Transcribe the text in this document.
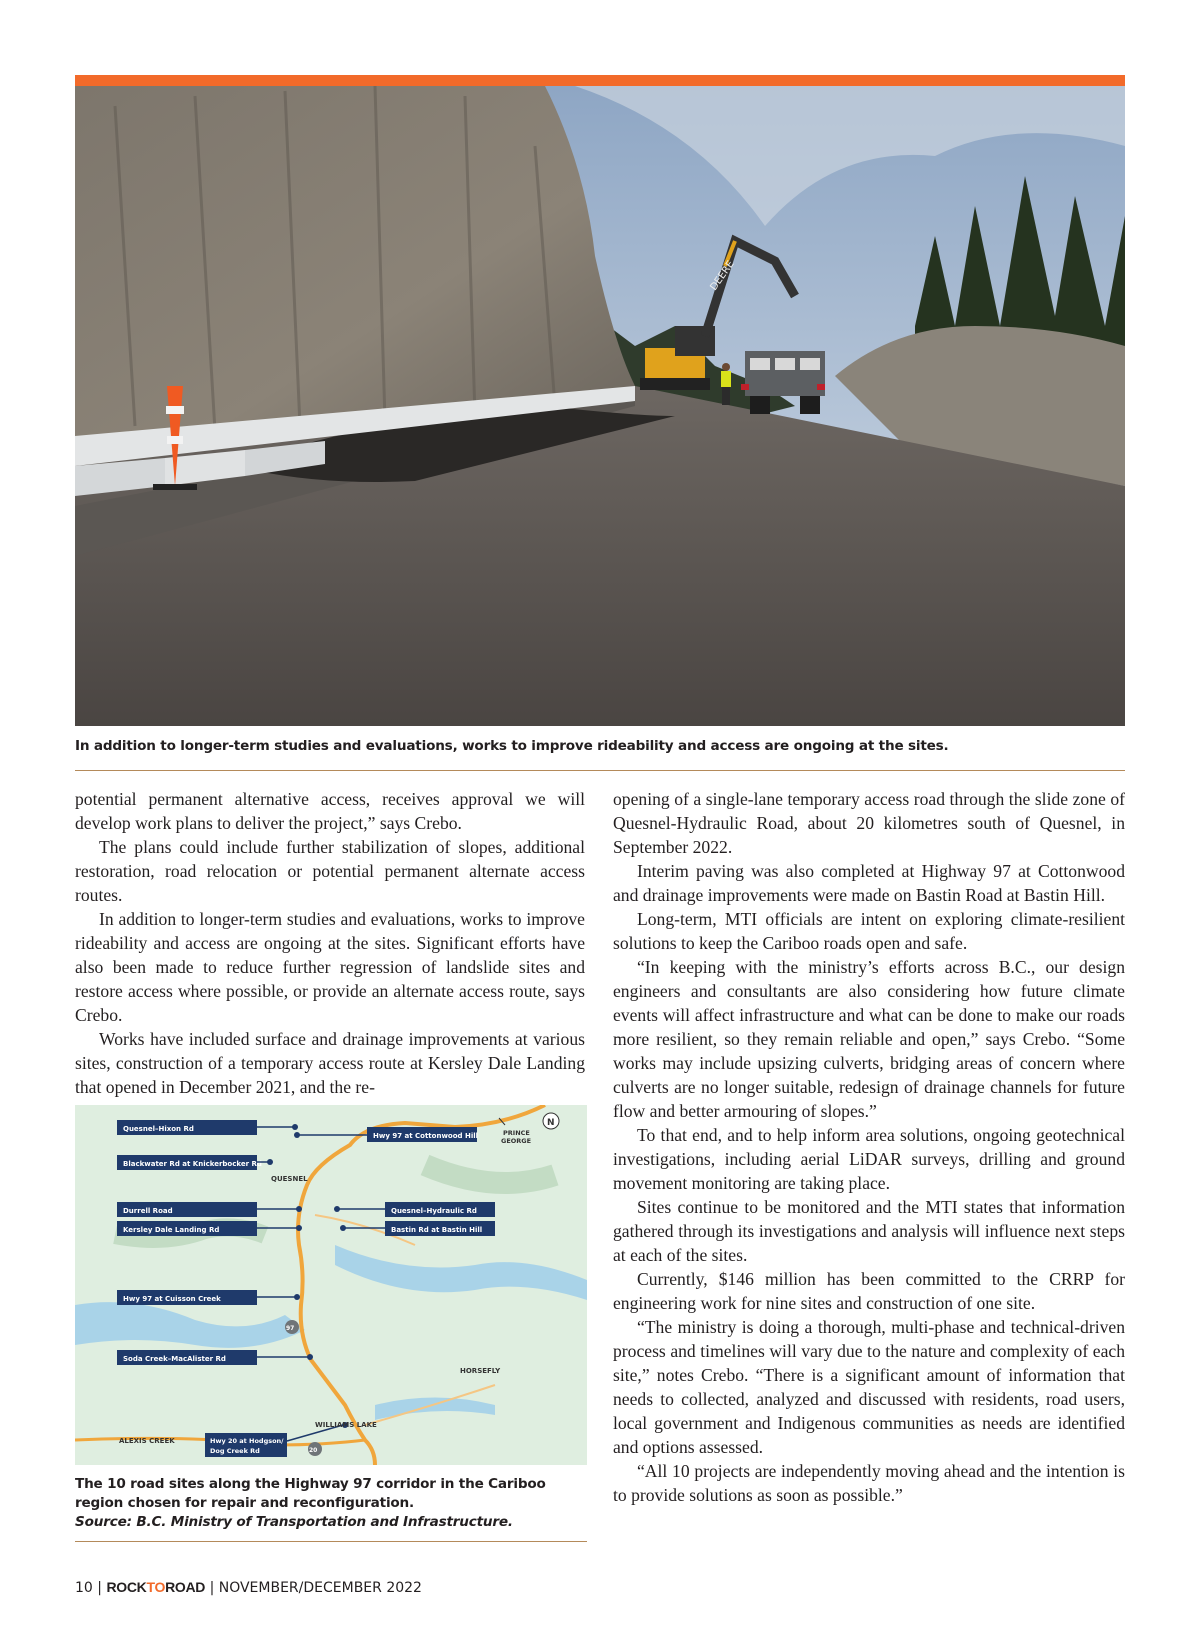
DEERE
In addition to longer-term studies and evaluations, works to improve rideability and access are ongoing at the sites.

potential permanent alternative access, receives approval we will develop work plans to deliver the project,” says Crebo.

The plans could include further stabilization of slopes, additional restoration, road relocation or potential permanent alternate access routes.

In addition to longer-term studies and evaluations, works to improve rideability and access are ongoing at the sites. Significant efforts have also been made to reduce further regression of landslide sites and restore access where possible, or provide an alternate access route, says Crebo.

Works have included surface and drainage improvements at various sites, construction of a temporary access route at Kersley Dale Landing that opened in December 2021, and the re-

opening of a single-lane temporary access road through the slide zone of Quesnel-Hydraulic Road, about 20 kilometres south of Quesnel, in September 2022.

Interim paving was also completed at Highway 97 at Cottonwood and drainage improvements were made on Bastin Road at Bastin Hill.

Long-term, MTI officials are intent on exploring climate-resilient solutions to keep the Cariboo roads open and safe.

“In keeping with the ministry’s efforts across B.C., our design engineers and consultants are also considering how future climate events will affect infrastructure and what can be done to make our roads more resilient, so they remain reliable and open,” says Crebo. “Some works may include upsizing culverts, bridging areas of concern where culverts are no longer suitable, redesign of drainage channels for future flow and better armouring of slopes.”

To that end, and to help inform area solutions, ongoing geotechnical investigations, including aerial LiDAR surveys, drilling and ground movement monitoring are taking place.

Sites continue to be monitored and the MTI states that information gathered through its investigations and analysis will influence next steps at each of the sites.

Currently, $146 million has been committed to the CRRP for engineering work for nine sites and construction of one site.

“The ministry is doing a thorough, multi-phase and technical-driven process and timelines will vary due to the nature and complexity of each site,” notes Crebo. “There is a significant amount of information that needs to collected, analyzed and discussed with residents, road users, local government and Indigenous communities as needs are identified and options assessed.

“All 10 projects are independently moving ahead and the intention is to provide solutions as soon as possible.”

Quesnel–Hixon Rd
Hwy 97 at Cottonwood Hill
Blackwater Rd at Knickerbocker Rd
QUESNEL
Durrell Road
Kersley Dale Landing Rd
Quesnel–Hydraulic Rd
Bastin Rd at Bastin Hill
Hwy 97 at Cuisson Creek
Soda Creek–MacAlister Rd
Hwy 20 at Hodgson/
Dog Creek Rd
PRINCE
GEORGE
N
HORSEFLY
WILLIAMS LAKE
ALEXIS CREEK
97
20
The 10 road sites along the Highway 97 corridor in the Cariboo region chosen for repair and reconfiguration.
Source: B.C. Ministry of Transportation and Infrastructure.
10 | ROCKTOROAD | NOVEMBER/DECEMBER 2022
